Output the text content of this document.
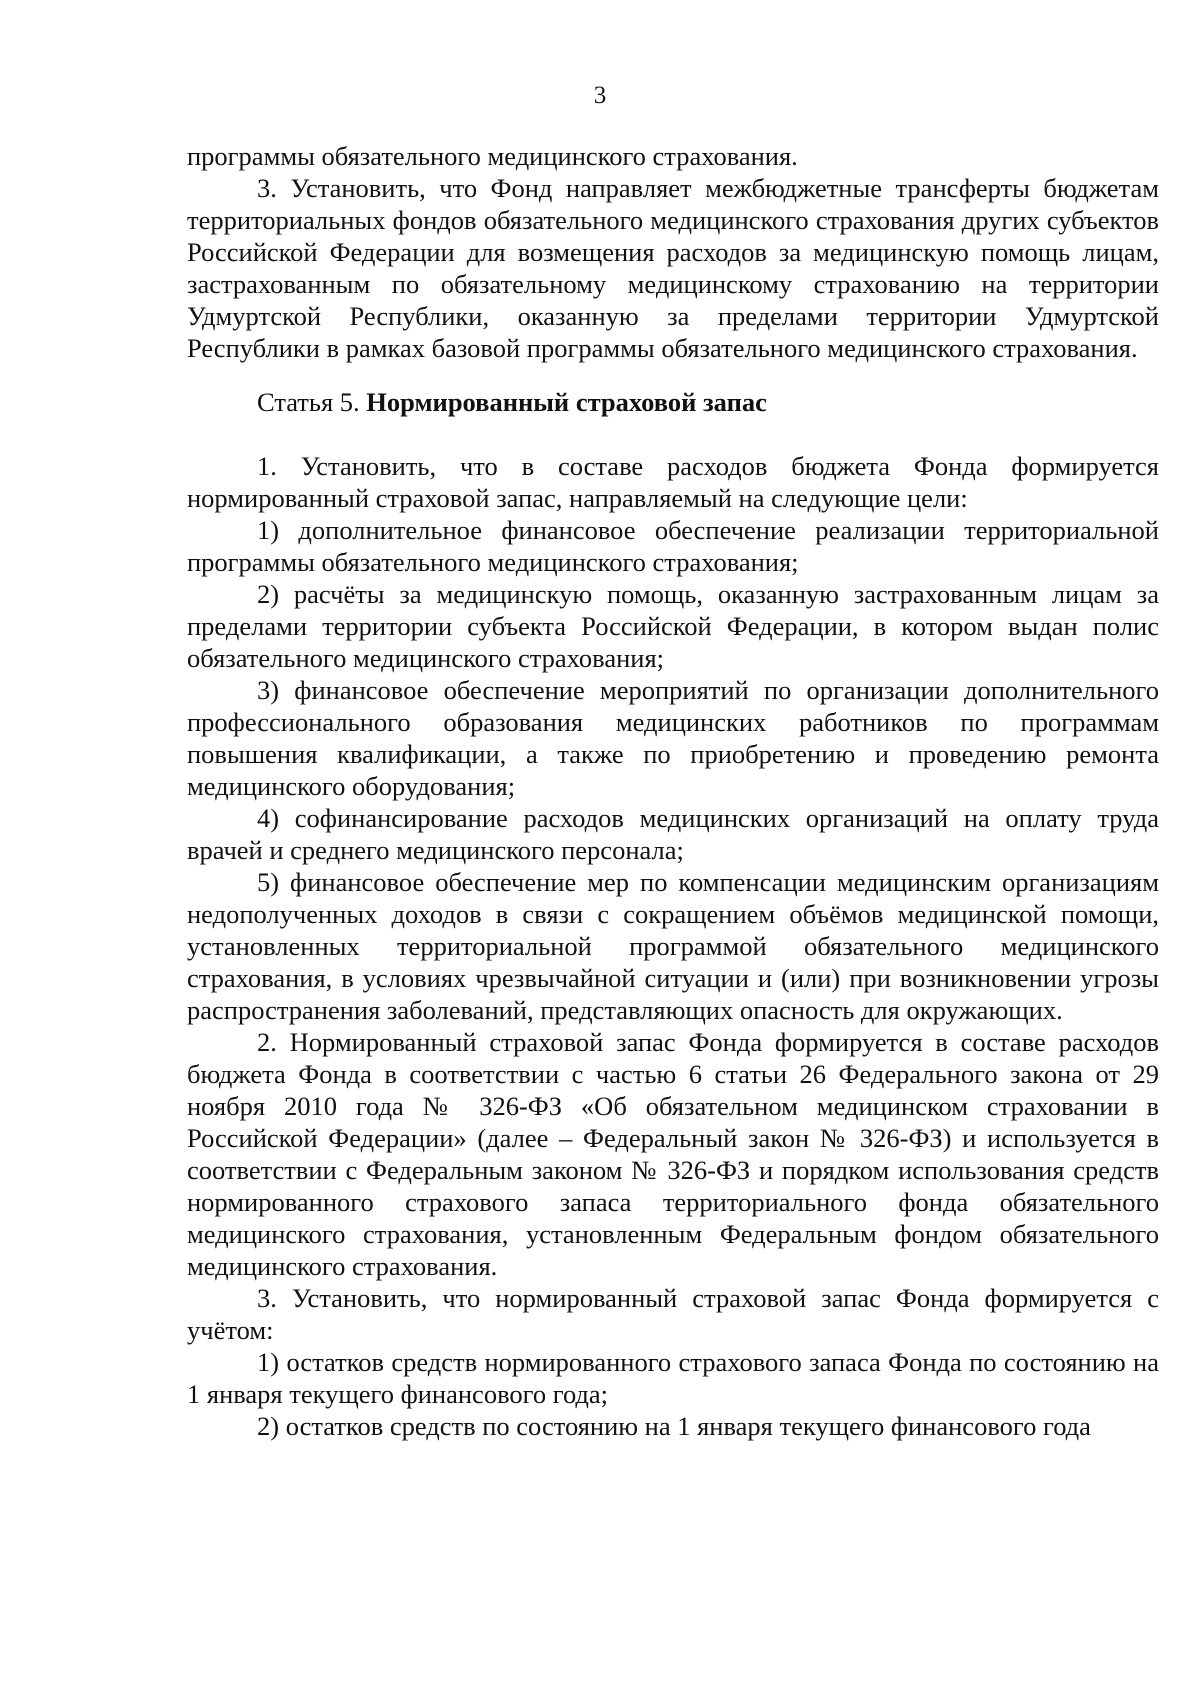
3

программы обязательного медицинского страхования.

3. Установить, что Фонд направляет межбюджетные трансферты бюджетам территориальных фондов обязательного медицинского страхования других субъектов Российской Федерации для возмещения расходов за медицинскую помощь лицам, застрахованным по обязательному медицинскому страхованию на территории Удмуртской Республики, оказанную за пределами территории Удмуртской Республики в рамках базовой программы обязательного медицинского страхования.

Статья 5. Нормированный страховой запас

1. Установить, что в составе расходов бюджета Фонда формируется нормированный страховой запас, направляемый на следующие цели:

1) дополнительное финансовое обеспечение реализации территориальной программы обязательного медицинского страхования;

2) расчёты за медицинскую помощь, оказанную застрахованным лицам за пределами территории субъекта Российской Федерации, в котором выдан полис обязательного медицинского страхования;

3) финансовое обеспечение мероприятий по организации дополнительного профессионального образования медицинских работников по программам повышения квалификации, а также по приобретению и проведению ремонта медицинского оборудования;

4) софинансирование расходов медицинских организаций на оплату труда врачей и среднего медицинского персонала;

5) финансовое обеспечение мер по компенсации медицинским организациям недополученных доходов в связи с сокращением объёмов медицинской помощи, установленных территориальной программой обязательного медицинского страхования, в условиях чрезвычайной ситуации и (или) при возникновении угрозы распространения заболеваний, представляющих опасность для окружающих.

2. Нормированный страховой запас Фонда формируется в составе расходов бюджета Фонда в соответствии с частью 6 статьи 26 Федерального закона от 29 ноября 2010 года № 326-ФЗ «Об обязательном медицинском страховании в Российской Федерации» (далее – Федеральный закон № 326-ФЗ) и используется в соответствии с Федеральным законом № 326-ФЗ и порядком использования средств нормированного страхового запаса территориального фонда обязательного медицинского страхования, установленным Федеральным фондом обязательного медицинского страхования.

3. Установить, что нормированный страховой запас Фонда формируется с учётом:

1) остатков средств нормированного страхового запаса Фонда по состоянию на 1 января текущего финансового года;

2) остатков средств по состоянию на 1 января текущего финансового года
